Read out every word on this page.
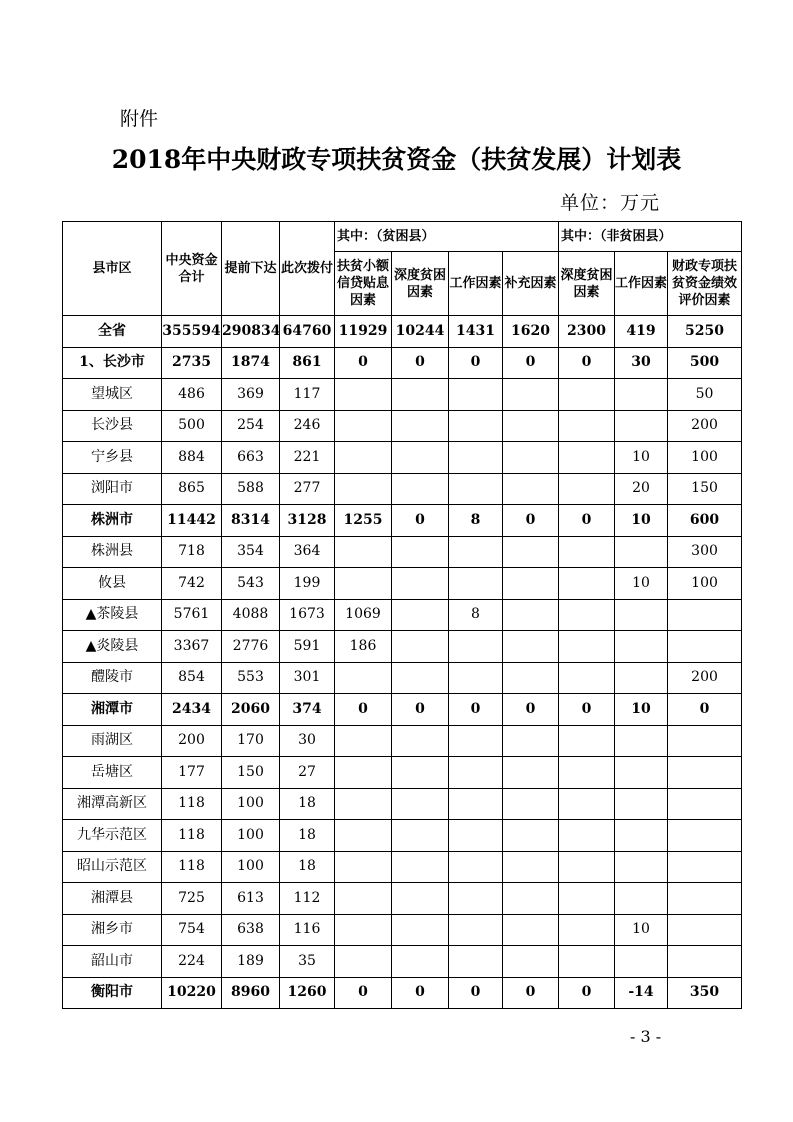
附件
2018年中央财政专项扶贫资金（扶贫发展）计划表
单位：万元
县市区	中央资金合计	提前下达	此次拨付	其中：（贫困县）				其中：（非贫困县）		
				扶贫小额信贷贴息因素	深度贫困因素	工作因素	补充因素	深度贫困因素	工作因素	财政专项扶贫资金绩效评价因素
全省	355594	290834	64760	11929	10244	1431	1620	2300	419	5250
1、长沙市	2735	1874	861	0	0	0	0	0	30	500
望城区	486	369	117							50
长沙县	500	254	246							200
宁乡县	884	663	221						10	100
浏阳市	865	588	277						20	150
株洲市	11442	8314	3128	1255	0	8	0	0	10	600
株洲县	718	354	364							300
攸县	742	543	199						10	100
▲茶陵县	5761	4088	1673	1069		8				
▲炎陵县	3367	2776	591	186						
醴陵市	854	553	301							200
湘潭市	2434	2060	374	0	0	0	0	0	10	0
雨湖区	200	170	30							
岳塘区	177	150	27							
湘潭高新区	118	100	18							
九华示范区	118	100	18							
昭山示范区	118	100	18							
湘潭县	725	613	112							
湘乡市	754	638	116						10	
韶山市	224	189	35							
衡阳市	10220	8960	1260	0	0	0	0	0	-14	350
- 3 -
